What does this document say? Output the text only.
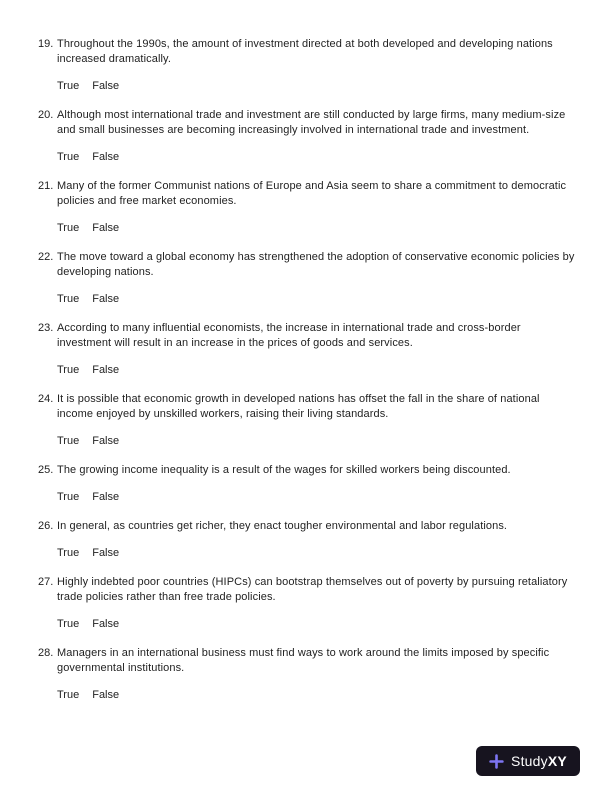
19. Throughout the 1990s, the amount of investment directed at both developed and developing nations increased dramatically.
True False
20. Although most international trade and investment are still conducted by large firms, many medium-size and small businesses are becoming increasingly involved in international trade and investment.
True False
21. Many of the former Communist nations of Europe and Asia seem to share a commitment to democratic policies and free market economies.
True False
22. The move toward a global economy has strengthened the adoption of conservative economic policies by developing nations.
True False
23. According to many influential economists, the increase in international trade and cross-border investment will result in an increase in the prices of goods and services.
True False
24. It is possible that economic growth in developed nations has offset the fall in the share of national income enjoyed by unskilled workers, raising their living standards.
True False
25. The growing income inequality is a result of the wages for skilled workers being discounted.
True False
26. In general, as countries get richer, they enact tougher environmental and labor regulations.
True False
27. Highly indebted poor countries (HIPCs) can bootstrap themselves out of poverty by pursuing retaliatory trade policies rather than free trade policies.
True False
28. Managers in an international business must find ways to work around the limits imposed by specific governmental institutions.
True False
Study XY
